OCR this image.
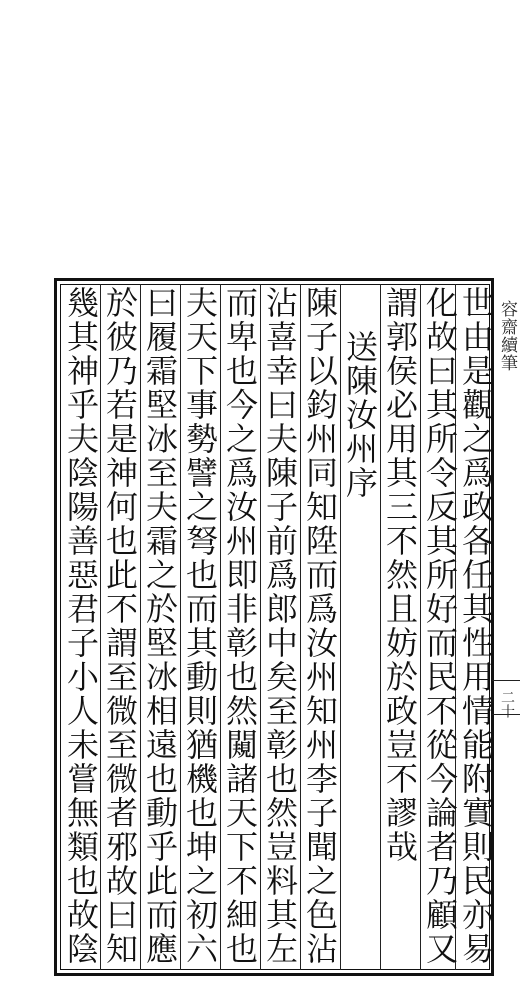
容齋續筆
二十
世由是觀之爲政各任其性用情能附實則民亦易
化故曰其所令反其所好而民不從今論者乃顧又
謂郭侯必用其三不然且妨於政豈不謬哉
送陳汝州序
陳子以鈞州同知陞而爲汝州知州李子聞之色沾
沾喜幸曰夫陳子前爲郎中矣至彰也然豈料其左
而卑也今之爲汝州即非彰也然闚諸天下不細也
夫天下事勢譬之弩也而其動則猶機也坤之初六
曰履霜堅冰至夫霜之於堅冰相遠也動乎此而應
於彼乃若是神何也此不謂至微至微者邪故曰知
幾其神乎夫陰陽善惡君子小人未嘗無類也故陰
